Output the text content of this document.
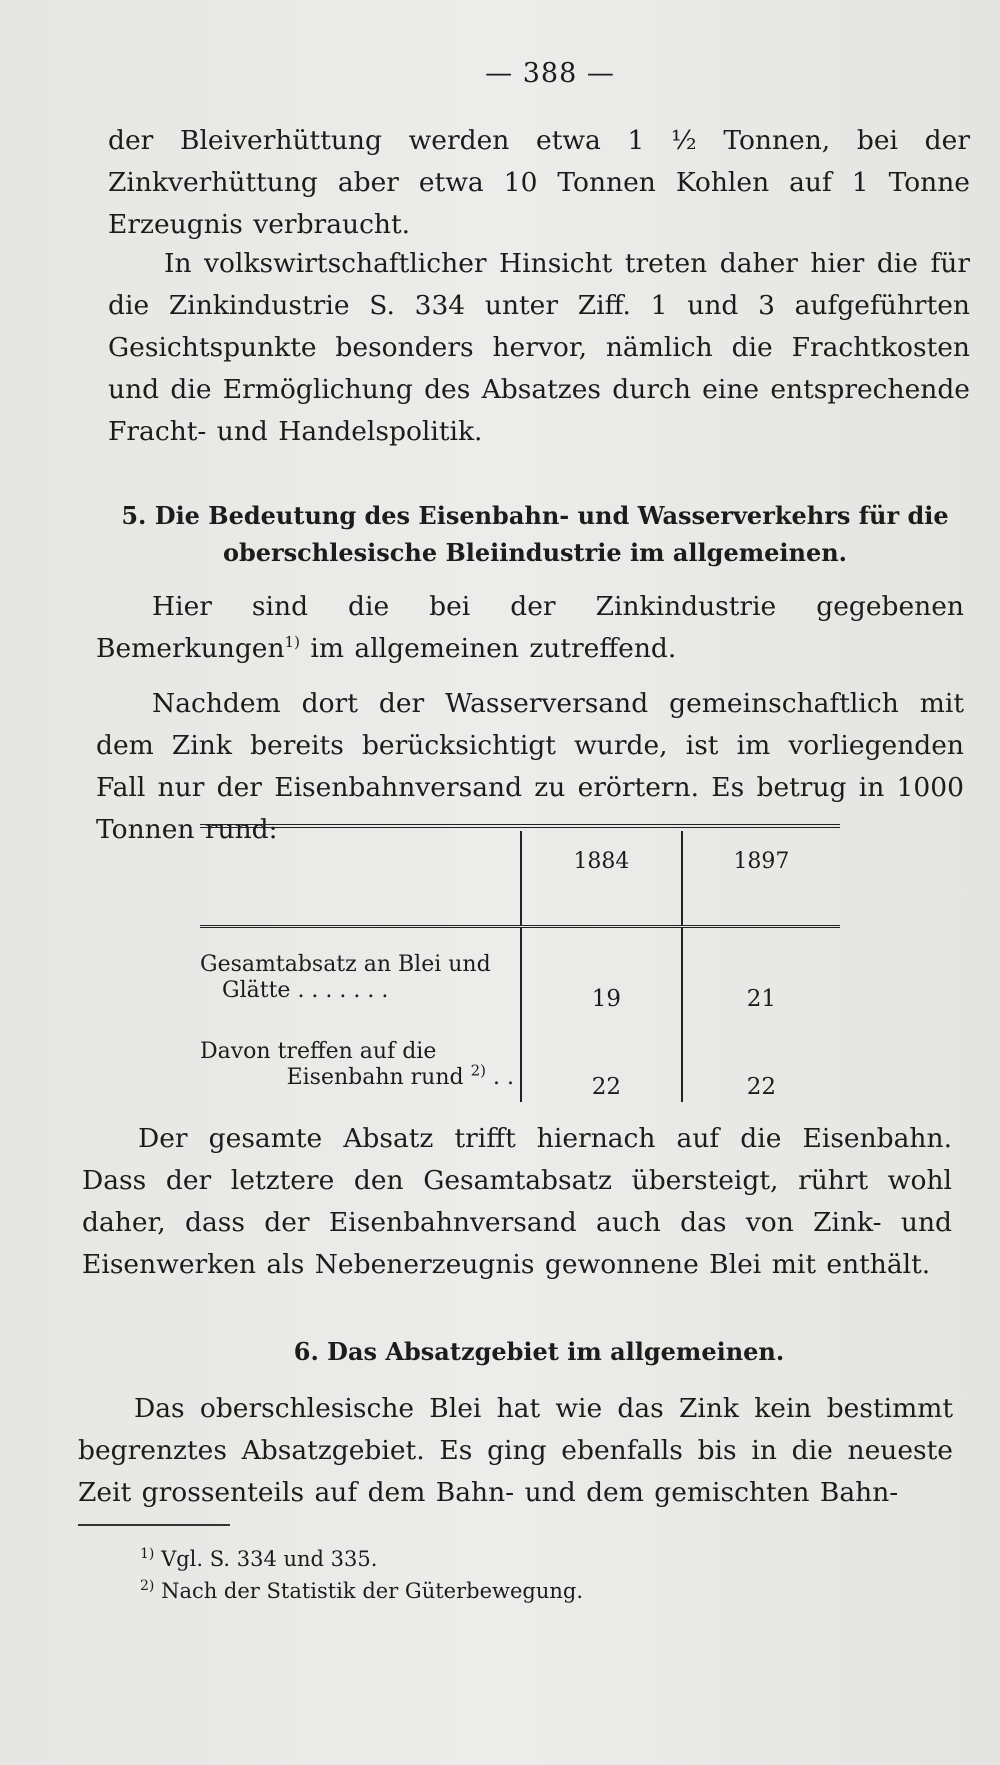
— 388 —

der Bleiverhüttung werden etwa 1 ½ Tonnen, bei der Zinkverhüttung aber etwa 10 Tonnen Kohlen auf 1 Tonne Erzeugnis verbraucht.

In volkswirtschaftlicher Hinsicht treten daher hier die für die Zinkindustrie S. 334 unter Ziff. 1 und 3 aufgeführten Gesichtspunkte besonders hervor, nämlich die Frachtkosten und die Ermöglichung des Absatzes durch eine entsprechende Fracht- und Handelspolitik.

5. Die Bedeutung des Eisenbahn- und Wasserverkehrs für die oberschlesische Bleiindustrie im allgemeinen.

Hier sind die bei der Zinkindustrie gegebenen Bemerkungen$^{1)}$ im allgemeinen zutreffend.

Nachdem dort der Wasserversand gemeinschaftlich mit dem Zink bereits berücksichtigt wurde, ist im vorliegenden Fall nur der Eisenbahnversand zu erörtern. Es betrug in 1000 Tonnen rund:

	1884	1897

Gesamtabsatz an Blei und
Glätte . . . . . . .	19	21

Davon treffen auf die
Eisenbahn rund $^{2)}$ . .	22	22

Der gesamte Absatz trifft hiernach auf die Eisenbahn. Dass der letztere den Gesamtabsatz übersteigt, rührt wohl daher, dass der Eisenbahnversand auch das von Zink- und Eisenwerken als Nebenerzeugnis gewonnene Blei mit enthält.

6. Das Absatzgebiet im allgemeinen.

Das oberschlesische Blei hat wie das Zink kein bestimmt begrenztes Absatzgebiet. Es ging ebenfalls bis in die neueste Zeit grossenteils auf dem Bahn- und dem gemischten Bahn-

$^{1)}$ Vgl. S. 334 und 335.

$^{2)}$ Nach der Statistik der Güterbewegung.
